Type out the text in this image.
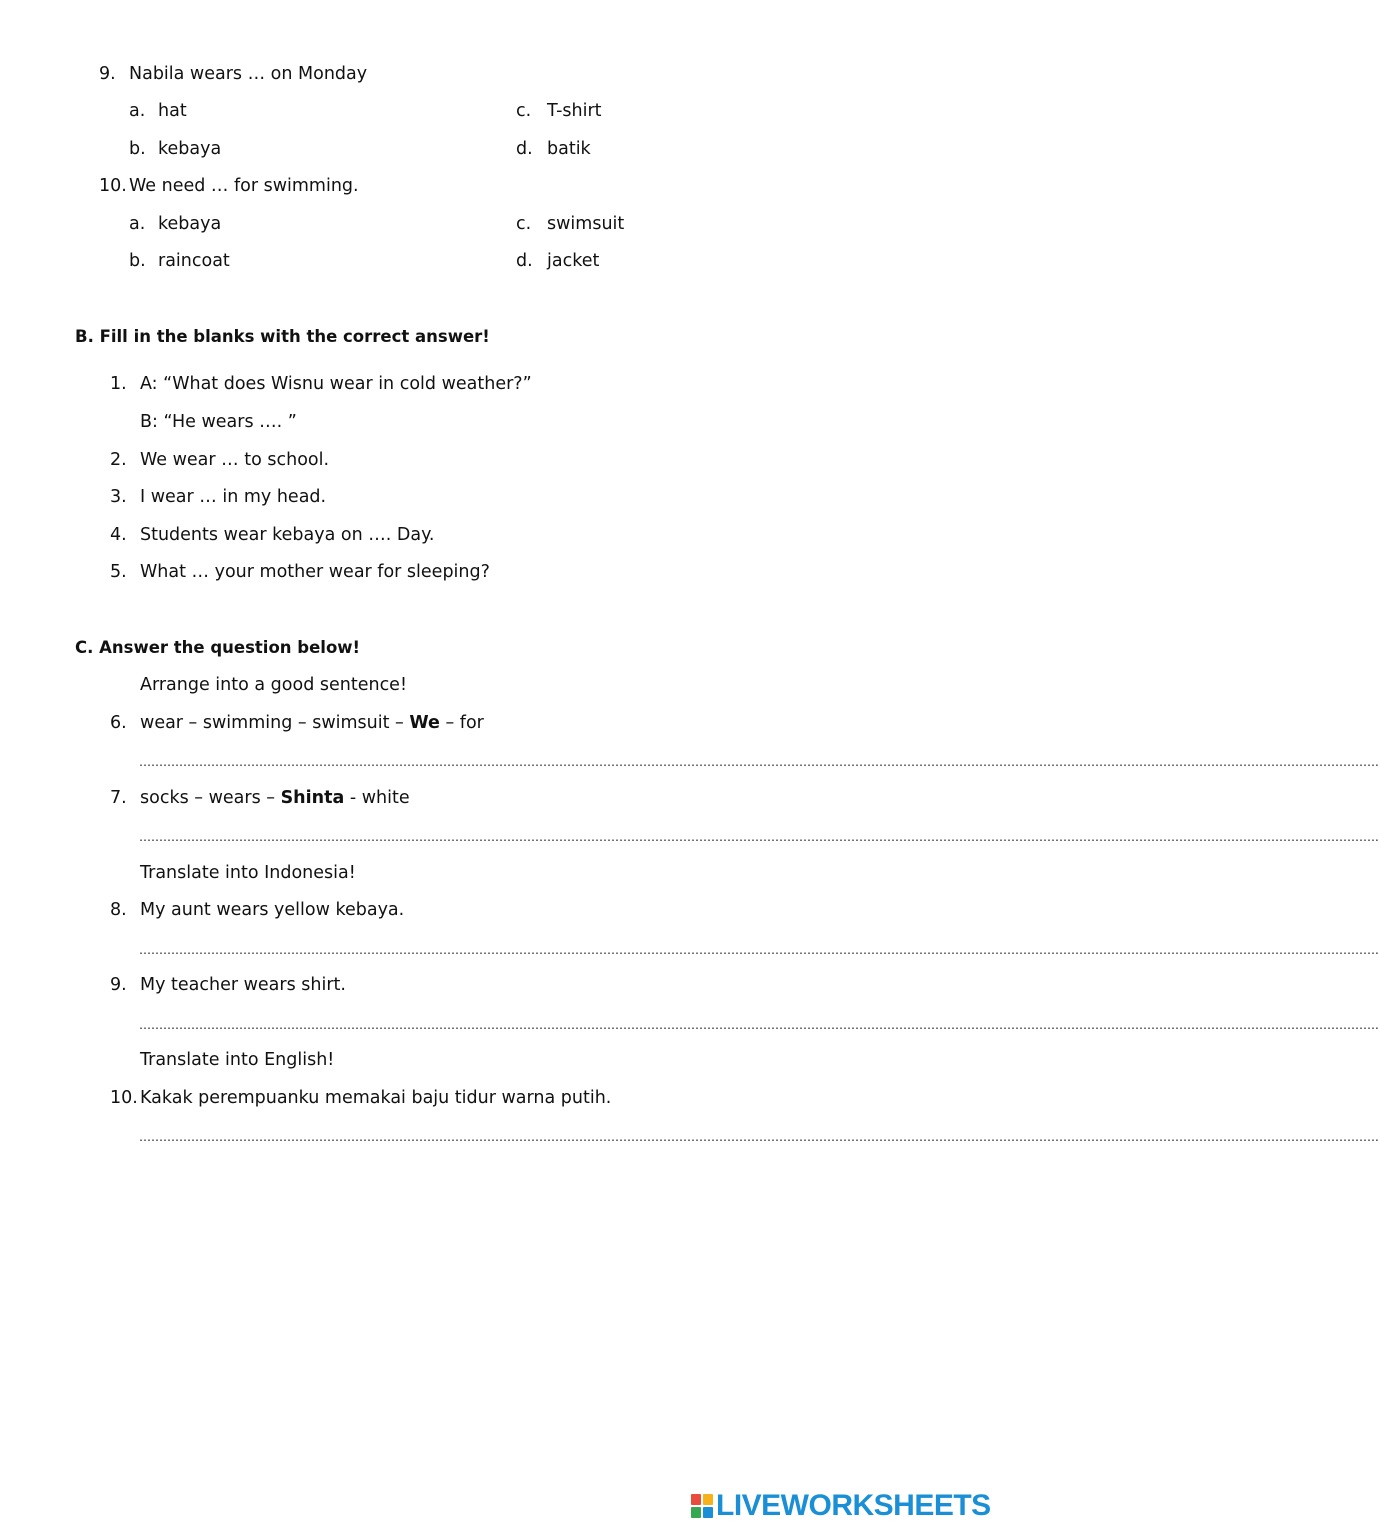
9. Nabila wears … on Monday
a. hat	c. T-shirt
b. kebaya	d. batik
10. We need … for swimming.
a. kebaya	c. swimsuit
b. raincoat	d. jacket
B. Fill in the blanks with the correct answer!
1. A: “What does Wisnu wear in cold weather?”
B: “He wears …. ”
2. We wear … to school.
3. I wear … in my head.
4. Students wear kebaya on …. Day.
5. What … your mother wear for sleeping?
C. Answer the question below!
Arrange into a good sentence!
6. wear – swimming – swimsuit – We – for
………………………………………………………………………………………………………………………………………………………………………………………………………………………………………………………………………………….
7. socks – wears – Shinta - white
………………………………………………………………………………………………………………………………………………………………………………………………………………………………………………………………………………….
Translate into Indonesia!
8. My aunt wears yellow kebaya.
………………………………………………………………………………………………………………………………………………………………………………………………………………………………………………………………………………….
9. My teacher wears shirt.
………………………………………………………………………………………………………………………………………………………………………………………………………………………………………………………………………………….
Translate into English!
10. Kakak perempuanku memakai baju tidur warna putih.
………………………………………………………………………………………………………………………………………………………………………………………………………………………………………………………………………………….
LIVEWORKSHEETS
